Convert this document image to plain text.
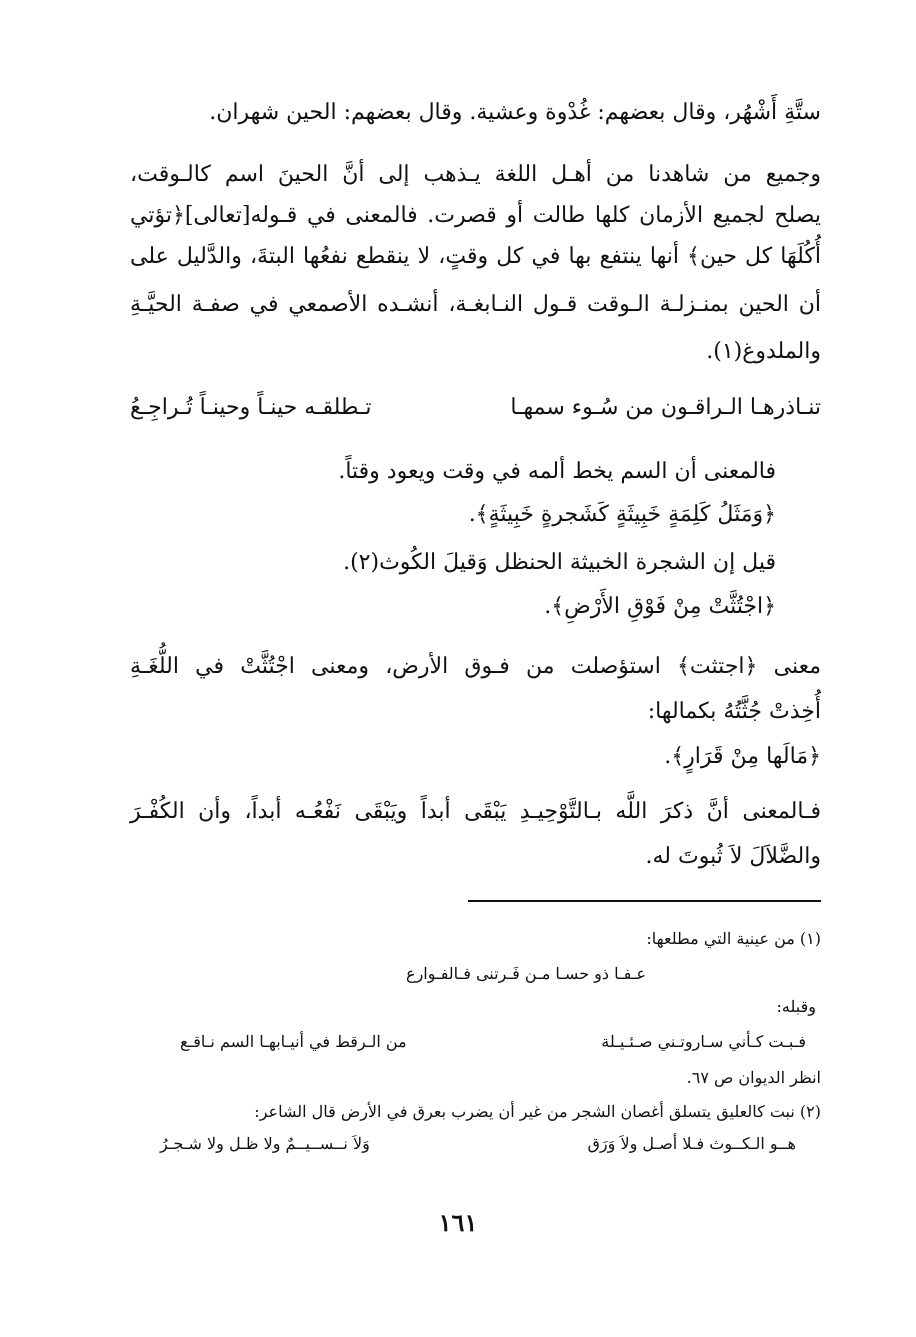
ستَّةِ أَشْهُر، وقال بعضهم: غُدْوة وعشية. وقال بعضهم: الحين شهران.
وجميع من شاهدنا من أهـل اللغة يـذهب إلى أنَّ الحينَ اسم كالـوقت،
يصلح لجميع الأزمان كلها طالت أو قصرت. فالمعنى في قـوله[تعالى]﴿تؤتي
أُكُلَهَا كل حين﴾ أنها ينتفع بها في كل وقتٍ، لا ينقطع نفعُها البتةَ، والدَّليل على
أن الحين بمنـزلـة الـوقت قـول النـابغـة، أنشـده الأصمعي في صفـة الحيَّـةِ
والملدوغ(١).
تنـاذرهـا الـراقـون من سُـوء سمهـا
تـطلقـه حينـاً وحينـاً تُـراجِـعُ
فالمعنى أن السم يخط ألمه في وقت ويعود وقتاً.
﴿وَمَثَلُ كَلِمَةٍ خَبِيثَةٍ كَشَجرةٍ خَبِيثَةٍ﴾.
قيل إن الشجرة الخبيثة الحنظل وَقيلَ الكُوث(٢).
﴿اجْتُثَّتْ مِنْ فَوْقِ الأَرْضِ﴾.
معنى ﴿اجتثت﴾ استؤصلت من فـوق الأرض، ومعنى اجْتُثَّتْ في اللُّغَـةِ
أُخِذتْ جُثَّتُهُ بكمالها:
﴿مَالَها مِنْ قَرَارٍ﴾.
فـالمعنى أنَّ ذكرَ اللَّه بـالتَّوْحِيـدِ يَبْقَى أبداً ويَبْقَى نَفْعُـه أبداً، وأن الكُفْـرَ
والضَّلاَلَ لاَ ثُبوتَ له.
(١) من عينية التي مطلعها:
عـفـا ذو حسـا مـن فَـرتنى فـالفـوارع
وقبله:
فـبـت كـأني سـاروتـني صـئـيـلة
من الـرقط في أنيـابهـا السم نـاقـع
انظر الديوان ص ٦٧.
(٢) نبت كالعليق يتسلق أغصان الشجر من غير أن يضرب بعرق في الأرض قال الشاعر:
هــو الـكــوث فـلا أصـل ولاَ وَرَق
وَلاَ نــســيــمٌ ولا ظـل ولا شـجـرُ
١٦١
